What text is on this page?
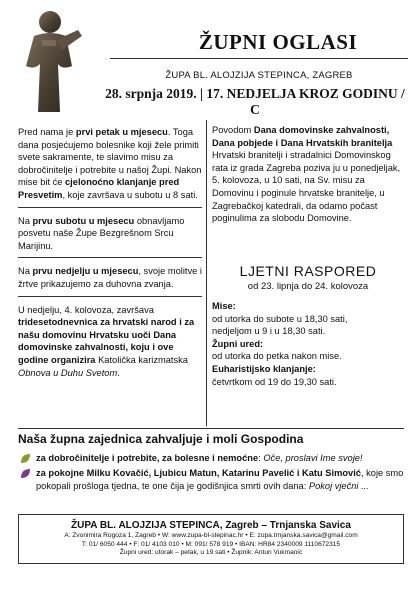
ŽUPNI OGLASI
ŽUPA BL. ALOJZIJA STEPINCA, ZAGREB
28. srpnja 2019. | 17. NEDJELJA KROZ GODINU / C
Pred nama je prvi petak u mjesecu. Toga dana posjećujemo bolesnike koji žele primiti svete sakramente, te slavimo misu za dobročinitelje i potrebite u našoj Župi. Nakon mise bit će cjelonoćno klanjanje pred Presvetim, koje završava u subotu u 8 sati.
Na prvu subotu u mjesecu obnavljamo posvetu naše Župe Bezgrešnom Srcu Marijinu.
Na prvu nedjelju u mjesecu, svoje molitve i žrtve prikazujemo za duhovna zvanja.
U nedjelju, 4. kolovoza, završava tridesetodnevnica za hrvatski narod i za našu domovinu Hrvatsku uoči Dana domovinske zahvalnosti, koju i ove godine organizira Katolička karizmatska Obnova u Duhu Svetom.
Povodom Dana domovinske zahvalnosti, Dana pobjede i Dana Hrvatskih branitelja Hrvatski branitelji i stradalnici Domovinskog rata iz grada Zagreba poziva ju u ponedjeljak, 5. kolovoza, u 10 sati, na Sv. misu za Domovinu i poginule hrvatske branitelje, u Zagrebačkoj katedrali, da odamo počast poginulima za slobodu Domovine.
LJETNI RASPORED
od 23. lipnja do 24. kolovoza
Mise:
od utorka do subote u 18,30 sati,
nedjeljom u 9 i u 18,30 sati.
Župni ured:
od utorka do petka nakon mise.
Euharistijsko klanjanje:
četvrtkom od 19 do 19,30 sati.
Naša župna zajednica zahvaljuje i moli Gospodina
za dobročinitelje i potrebite, za bolesne i nemoćne: Oče, proslavi Ime svoje!
za pokojne Milku Kovačić, Ljubicu Matun, Katarinu Pavelić i Katu Simović, koje smo pokopali prošloga tjedna, te one čija je godišnjica smrti ovih dana: Pokoj vječni ...
ŽUPA BL. ALOJZIJA STEPINCA, Zagreb – Trnjanska Savica
A: Zvonimira Rogoza 1, Zagreb • W: www.zupa-bl-stepinac.hr • E: zupa.trnjanska.savica@gmail.com
T: 01/ 6050 444 • F: 01/ 4103 010 • M: 091/ 578 919 • IBAN: HR84 2340009 1110672315
Župni ured: utorak – petak, u 19 sati • Župnik: Antun Vukmanić
